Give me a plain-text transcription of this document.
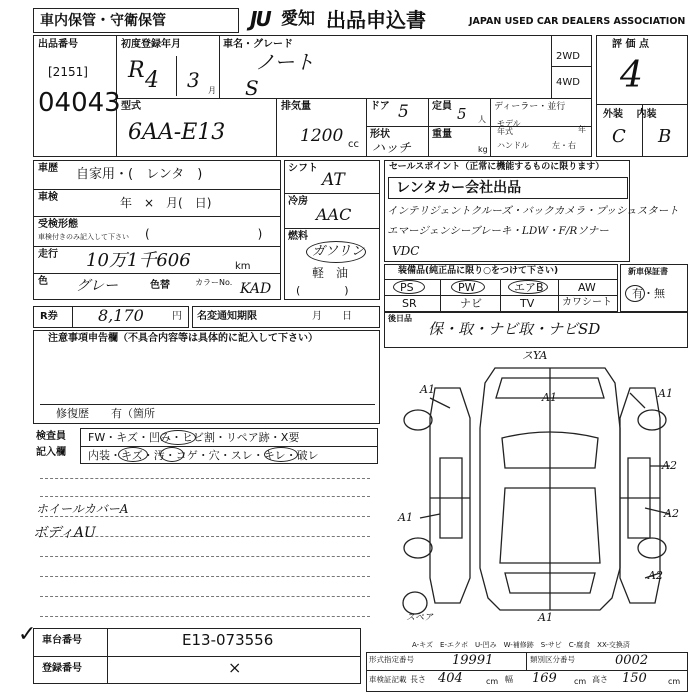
車内保管・守衛保管	JU 愛知 出品申込書	JAPAN USED CAR DEALERS ASSOCIATION
出品番号
[2151]
04043
初度登録年月
R 4 3 月
車名・グレード
ノート
S
2WD
4WD
型式
6AA-E13
排気量
1200 cc
ドア 5 定員 5 人
形状
ハッチ
重量
kg
ディーラー・並行
モデル
年式	年
ハンドル	左・右
評 価 点
4
外装 内装
C B
車歴 自家用・(　レンタ　)
車検	年　×　月(　日)
受検形態
車検付きのみ記入して下さい (　　　　　　　　　)
走行 10万1千606	km
色 グレー	色替	カラーNo. KAD
シフト
AT
冷房
AAC
燃料
ガソリン
軽　油
(　　　　)
セールスポイント（正常に機能するものに限ります）
レンタカー会社出品
インテリジェントクルーズ・バックカメラ・プッシュスタート
エマージェンシーブレーキ・LDW・F/Rソナー
VDC
装備品(純正品に限り○をつけて下さい)
PS	PW	エアB	AW
SR	ナビ	TV	カワシート
新車保証書
有・無
R券	8,170	円 名変通知期限	月　　日	後日品
保・取・ナビ取・ナビSD
注意事項申告欄（不具合内容等は具体的に記入して下さい）
修復歴　　有（箇所
検査員
記入欄
FW・キズ・凹み・ヒビ割・リペア跡・X要
内装・キズ・汚・コゲ・穴・スレ・キレ・破レ
ホイールカバーA
ボディAU
スYA
A1
A1	A1
A2
A2
A2
A1
A1
スペア
A-キズ　E-エクボ　U-凹み　W-補修跡　S-サビ　C-腐食　XX-交換済
✓ 車台番号	E13-073556
登録番号	×	形式指定番号	19991	類別区分番号	0002
車検証記載 長さ 404	cm 幅 169 cm 高さ 150	cm
